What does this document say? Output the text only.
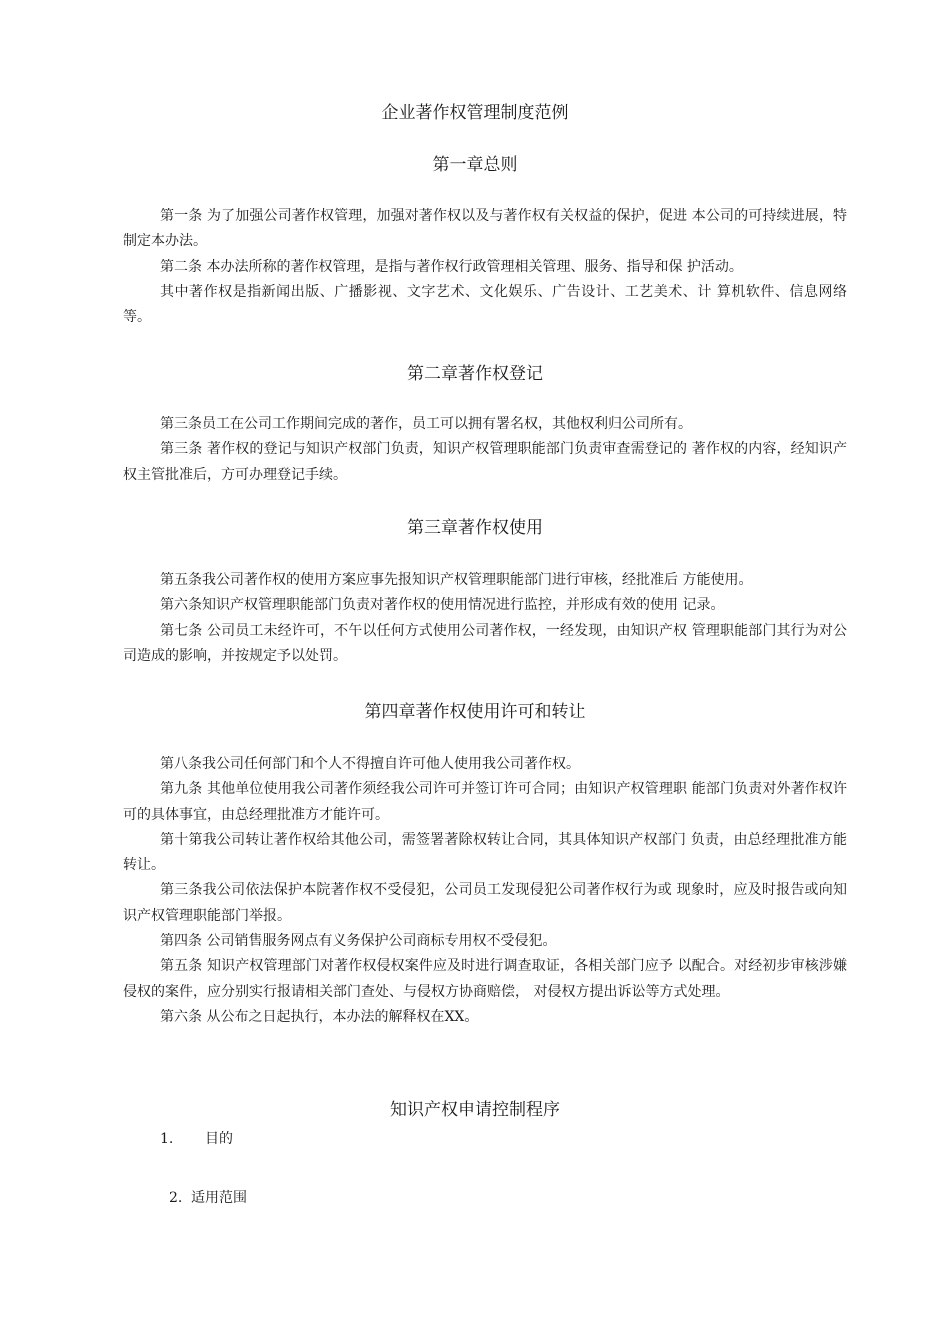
企业著作权管理制度范例
第一章总则

第一条 为了加强公司著作权管理，加强对著作权以及与著作权有关权益的保护，促进 本公司的可持续进展，特制定本办法。

第二条 本办法所称的著作权管理，是指与著作权行政管理相关管理、服务、指导和保 护活动。

其中著作权是指新闻出版、广播影视、文字艺术、文化娱乐、广告设计、工艺美术、计 算机软件、信息网络等。

第二章著作权登记

第三条员工在公司工作期间完成的著作，员工可以拥有署名权，其他权利归公司所有。

第三条 著作权的登记与知识产权部门负责，知识产权管理职能部门负责审查需登记的 著作权的内容，经知识产权主管批准后，方可办理登记手续。

第三章著作权使用

第五条我公司著作权的使用方案应事先报知识产权管理职能部门进行审核，经批准后 方能使用。

第六条知识产权管理职能部门负责对著作权的使用情况进行监控，并形成有效的使用 记录。

第七条 公司员工未经许可，不午以任何方式使用公司著作权，一经发现，由知识产权 管理职能部门其行为对公司造成的影响，并按规定予以处罚。

第四章著作权使用许可和转让

第八条我公司任何部门和个人不得擅自许可他人使用我公司著作权。

第九条 其他单位使用我公司著作须经我公司许可并签订许可合同；由知识产权管理职 能部门负责对外著作权许可的具体事宜，由总经理批准方才能许可。

第十第我公司转让著作权给其他公司，需签署著除权转让合同，其具体知识产权部门 负责，由总经理批准方能转让。

第三条我公司依法保护本院著作权不受侵犯，公司员工发现侵犯公司著作权行为或 现象时，应及时报告或向知识产权管理职能部门举报。

第四条 公司销售服务网点有义务保护公司商标专用权不受侵犯。

第五条 知识产权管理部门对著作权侵权案件应及时进行调查取证，各相关部门应予 以配合。对经初步审核涉嫌侵权的案件，应分别实行报请相关部门查处、与侵权方协商赔偿， 对侵权方提出诉讼等方式处理。

第六条 从公布之日起执行，本办法的解释权在XX。

知识产权申请控制程序
1. 目的
2. 适用范围
